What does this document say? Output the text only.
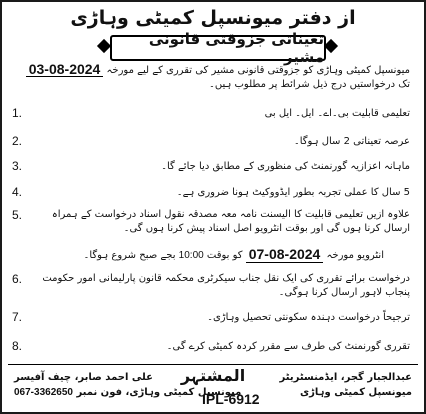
از دفتر میونسپل کمیٹی وہاڑی
تعیناتی جزوقتی قانونی مشیر
میونسپل کمیٹی وہاڑی کو جزوقتی قانونی مشیر کی تقرری کے لیے مورخہ 03-08-2024 تک درخواستیں درج ذیل شرائط پر مطلوب ہیں۔
تعلیمی قابلیت بی۔اے۔ ایل۔ ایل بی
1.
عرصہ تعیناتی 2 سال ہوگا۔
2.
ماہانہ اعزازیہ گورنمنٹ کی منظوری کے مطابق دیا جائے گا۔
3.
5 سال کا عملی تجربہ بطور ایڈووکیٹ ہونا ضروری ہے۔
4.
علاوہ ازیں تعلیمی قابلیت کا الیسنت نامہ معہ مصدقہ نقول اسناد درخواست کے ہمراہ ارسال کرنا ہوں گی اور بوقت انٹرویو اصل اسناد پیش کرنا ہوں گی۔
5.
انٹرویو مورخہ 07-08-2024 کو بوقت 10:00 بجے صبح شروع ہوگا۔
درخواست برائے تقرری کی ایک نقل جناب سیکرٹری محکمہ قانون پارلیمانی امور حکومت پنجاب لاہور ارسال کرنا ہوگی۔
6.
ترجیحاً درخواست دہندہ سکونتی تحصیل وہاڑی۔
7.
تقرری گورنمنٹ کی طرف سے مقرر کردہ کمیٹی کرے گی۔
8.
المشتہر	عبدالجبار گجر، ایڈمنسٹریٹر
میونسپل کمیٹی وہاڑی
علی احمد صابر، چیف آفیسر
میونسپل کمیٹی وہاڑی، فون نمبر 067-3362650	IPL-6912
